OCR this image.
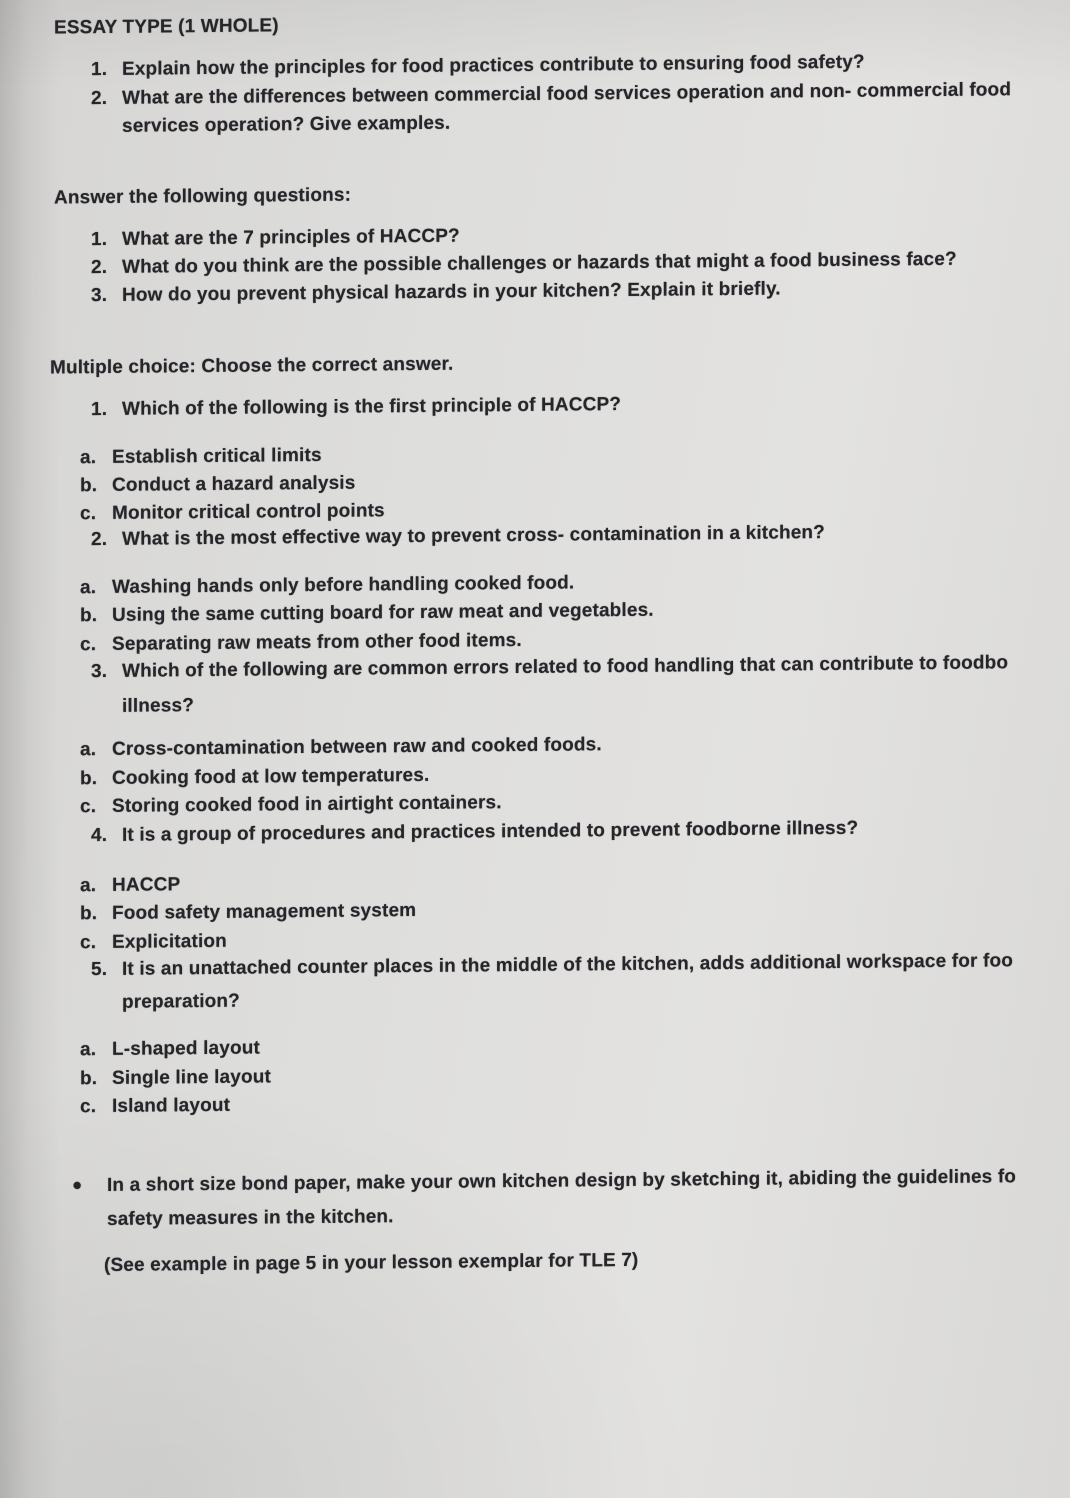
ESSAY TYPE (1 WHOLE)
1. Explain how the principles for food practices contribute to ensuring food safety?
2. What are the differences between commercial food services operation and non- commercial food
services operation? Give examples.
Answer the following questions:
1. What are the 7 principles of HACCP?
2. What do you think are the possible challenges or hazards that might a food business face?
3. How do you prevent physical hazards in your kitchen? Explain it briefly.
Multiple choice: Choose the correct answer.
1. Which of the following is the first principle of HACCP?
a. Establish critical limits
b. Conduct a hazard analysis
c. Monitor critical control points
2. What is the most effective way to prevent cross- contamination in a kitchen?
a. Washing hands only before handling cooked food.
b. Using the same cutting board for raw meat and vegetables.
c. Separating raw meats from other food items.
3. Which of the following are common errors related to food handling that can contribute to foodbo
illness?
a. Cross-contamination between raw and cooked foods.
b. Cooking food at low temperatures.
c. Storing cooked food in airtight containers.
4. It is a group of procedures and practices intended to prevent foodborne illness?
a. HACCP
b. Food safety management system
c. Explicitation
5. It is an unattached counter places in the middle of the kitchen, adds additional workspace for foo
preparation?
a. L-shaped layout
b. Single line layout
c. Island layout
● In a short size bond paper, make your own kitchen design by sketching it, abiding the guidelines fo
safety measures in the kitchen.
(See example in page 5 in your lesson exemplar for TLE 7)
